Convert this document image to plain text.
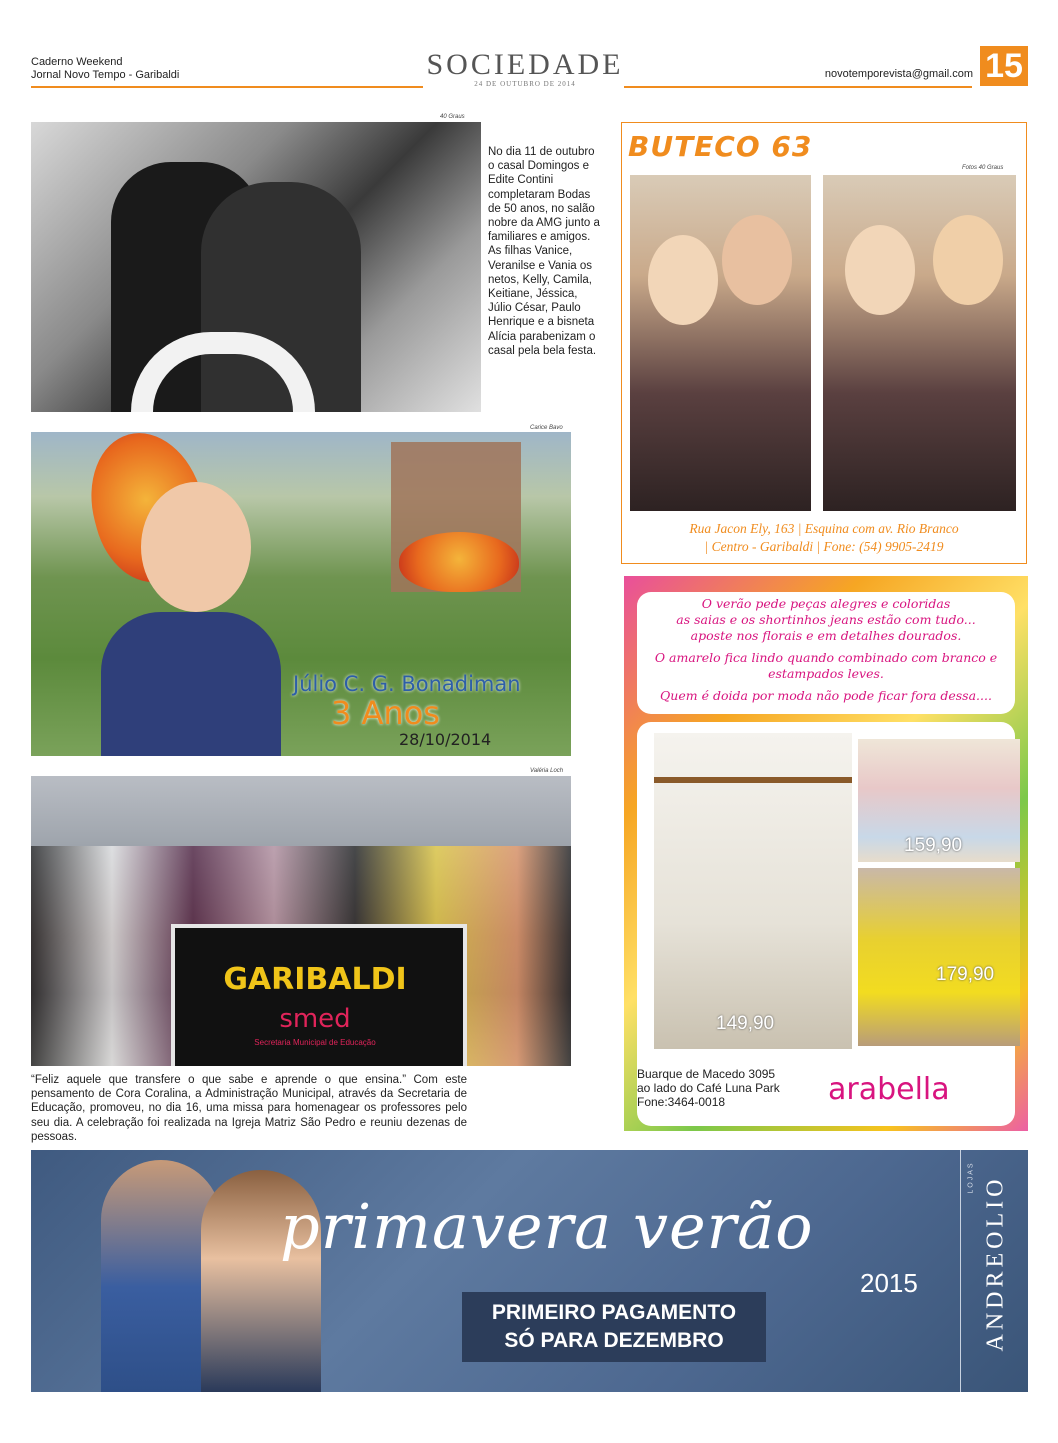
Caderno Weekend
Jornal Novo Tempo - Garibaldi	SOCIEDADE
24 DE OUTUBRO DE 2014
novotemporevista@gmail.com 15
40 Graus
No dia 11 de outubro o casal Domingos e Edite Contini completaram Bodas de 50 anos, no salão nobre da AMG junto a familiares e amigos. As filhas Vanice, Veranilse e Vania os netos, Kelly, Camila, Keitiane, Jéssica, Júlio César, Paulo Henrique e a bisneta Alícia parabenizam o casal pela bela festa.
Carice Bavo
Júlio C. G. Bonadiman
3 Anos
28/10/2014
Valéria Loch
GARIBALDI
smed
Secretaria Municipal de Educação
“Feliz aquele que transfere o que sabe e aprende o que ensina.” Com este pensamento de Cora Coralina, a Administração Municipal, através da Secretaria de Educação, promoveu, no dia 16, uma missa para homenagear os professores pelo seu dia. A celebração foi realizada na Igreja Matriz São Pedro e reuniu dezenas de pessoas.
BUTECO 63
Fotos 40 Graus
Rua Jacon Ely, 163 | Esquina com av. Rio Branco
| Centro - Garibaldi | Fone: (54) 9905-2419
O verão pede peças alegres e coloridas
as saias e os shortinhos jeans estão com tudo...
aposte nos florais e em detalhes dourados.
O amarelo fica lindo quando combinado com branco e
estampados leves.
Quem é doida por moda não pode ficar fora dessa....
149,90
159,90
179,90
Buarque de Macedo 3095
ao lado do Café Luna Park
Fone:3464-0018	arabella
primavera verão
2015
PRIMEIRO PAGAMENTO
SÓ PARA DEZEMBRO
LOJAS ANDREOLIO
